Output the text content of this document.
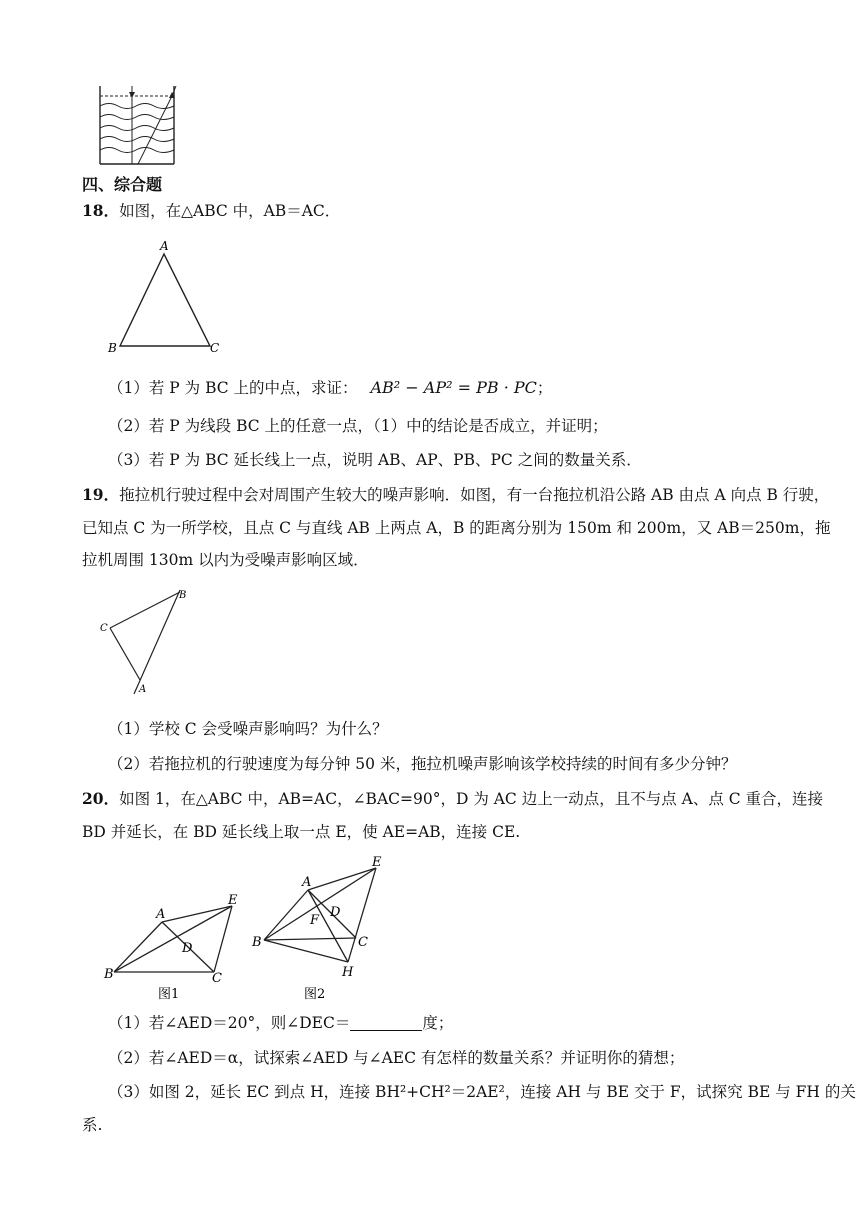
四、综合题
18．如图，在△ABC 中，AB＝AC．
A
B	C
（1）若 P 为 BC 上的中点，求证： AB² − AP² = PB · PC；
（2）若 P 为线段 BC 上的任意一点，（1）中的结论是否成立，并证明；
（3）若 P 为 BC 延长线上一点，说明 AB、AP、PB、PC 之间的数量关系．
19．拖拉机行驶过程中会对周围产生较大的噪声影响．如图，有一台拖拉机沿公路 AB 由点 A 向点 B 行驶，
已知点 C 为一所学校，且点 C 与直线 AB 上两点 A，B 的距离分别为 150m 和 200m，又 AB＝250m，拖
拉机周围 130m 以内为受噪声影响区域．
C
B
A
（1）学校 C 会受噪声影响吗？为什么？
（2）若拖拉机的行驶速度为每分钟 50 米，拖拉机噪声影响该学校持续的时间有多少分钟？
20．如图 1，在△ABC 中，AB=AC，∠BAC=90°，D 为 AC 边上一动点，且不与点 A、点 C 重合，连接
BD 并延长，在 BD 延长线上取一点 E，使 AE=AB，连接 CE.
A
E
D
B	C
图1
A
E
D
F
B	C
H
图2
（1）若∠AED＝20°，则∠DEC＝	度；
（2）若∠AED＝α，试探索∠AED 与∠AEC 有怎样的数量关系？并证明你的猜想；
（3）如图 2，延长 EC 到点 H，连接 BH²+CH²＝2AE²，连接 AH 与 BE 交于 F，试探究 BE 与 FH 的关
系.
